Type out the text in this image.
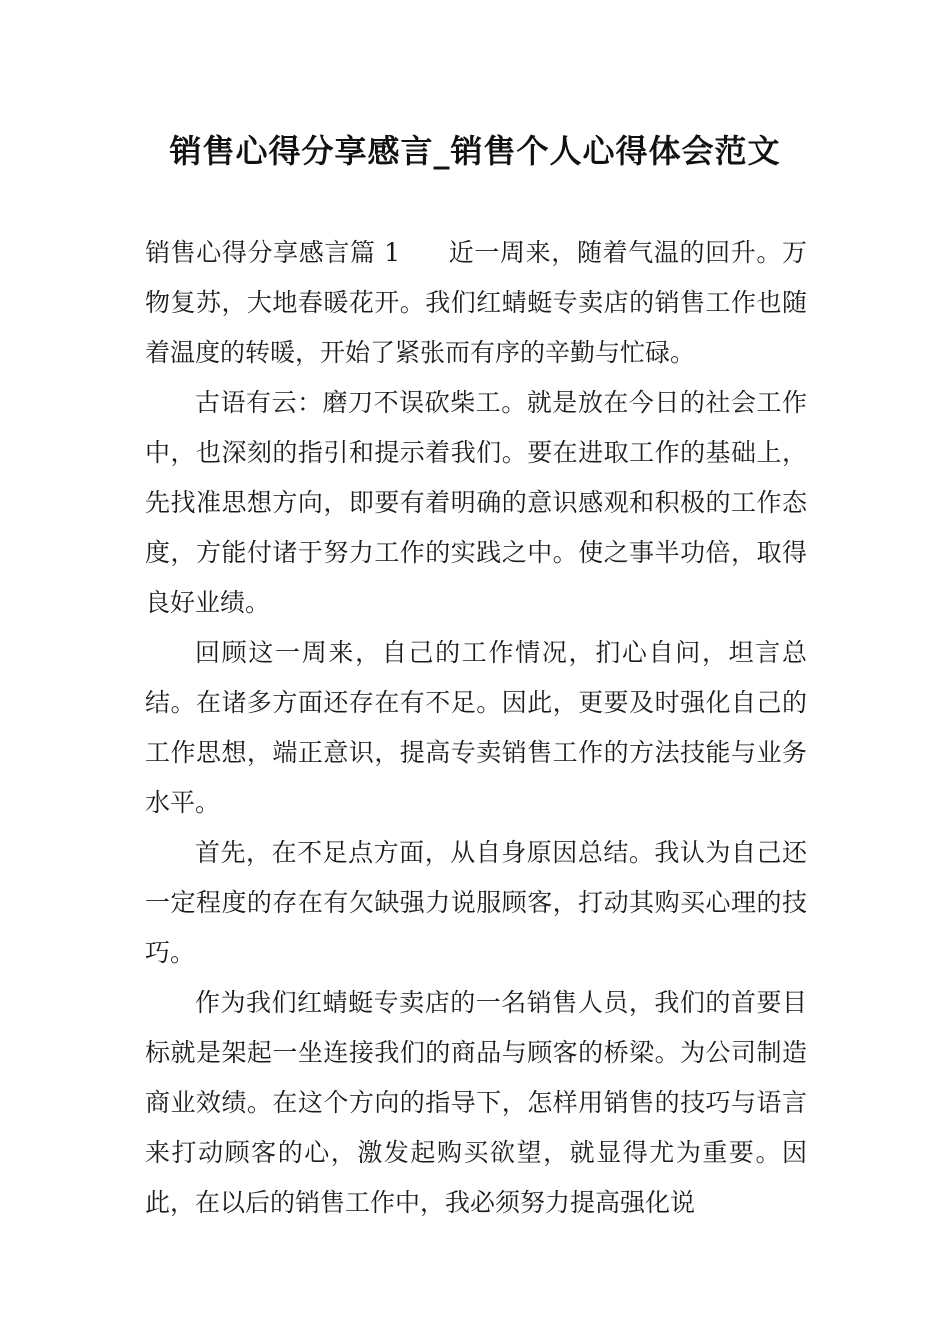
销售心得分享感言_销售个人心得体会范文

销售心得分享感言篇 1 近一周来，随着气温的回升。万物复苏，大地春暖花开。我们红蜻蜓专卖店的销售工作也随着温度的转暖，开始了紧张而有序的辛勤与忙碌。

古语有云：磨刀不误砍柴工。就是放在今日的社会工作中，也深刻的指引和提示着我们。要在进取工作的基础上，先找准思想方向，即要有着明确的意识感观和积极的工作态度，方能付诸于努力工作的实践之中。使之事半功倍，取得良好业绩。

回顾这一周来，自己的工作情况，扪心自问，坦言总结。在诸多方面还存在有不足。因此，更要及时强化自己的工作思想，端正意识，提高专卖销售工作的方法技能与业务水平。

首先，在不足点方面，从自身原因总结。我认为自己还一定程度的存在有欠缺强力说服顾客，打动其购买心理的技巧。

作为我们红蜻蜓专卖店的一名销售人员，我们的首要目标就是架起一坐连接我们的商品与顾客的桥梁。为公司制造商业效绩。在这个方向的指导下，怎样用销售的技巧与语言来打动顾客的心，激发起购买欲望，就显得尤为重要。因此，在以后的销售工作中，我必须努力提高强化说
